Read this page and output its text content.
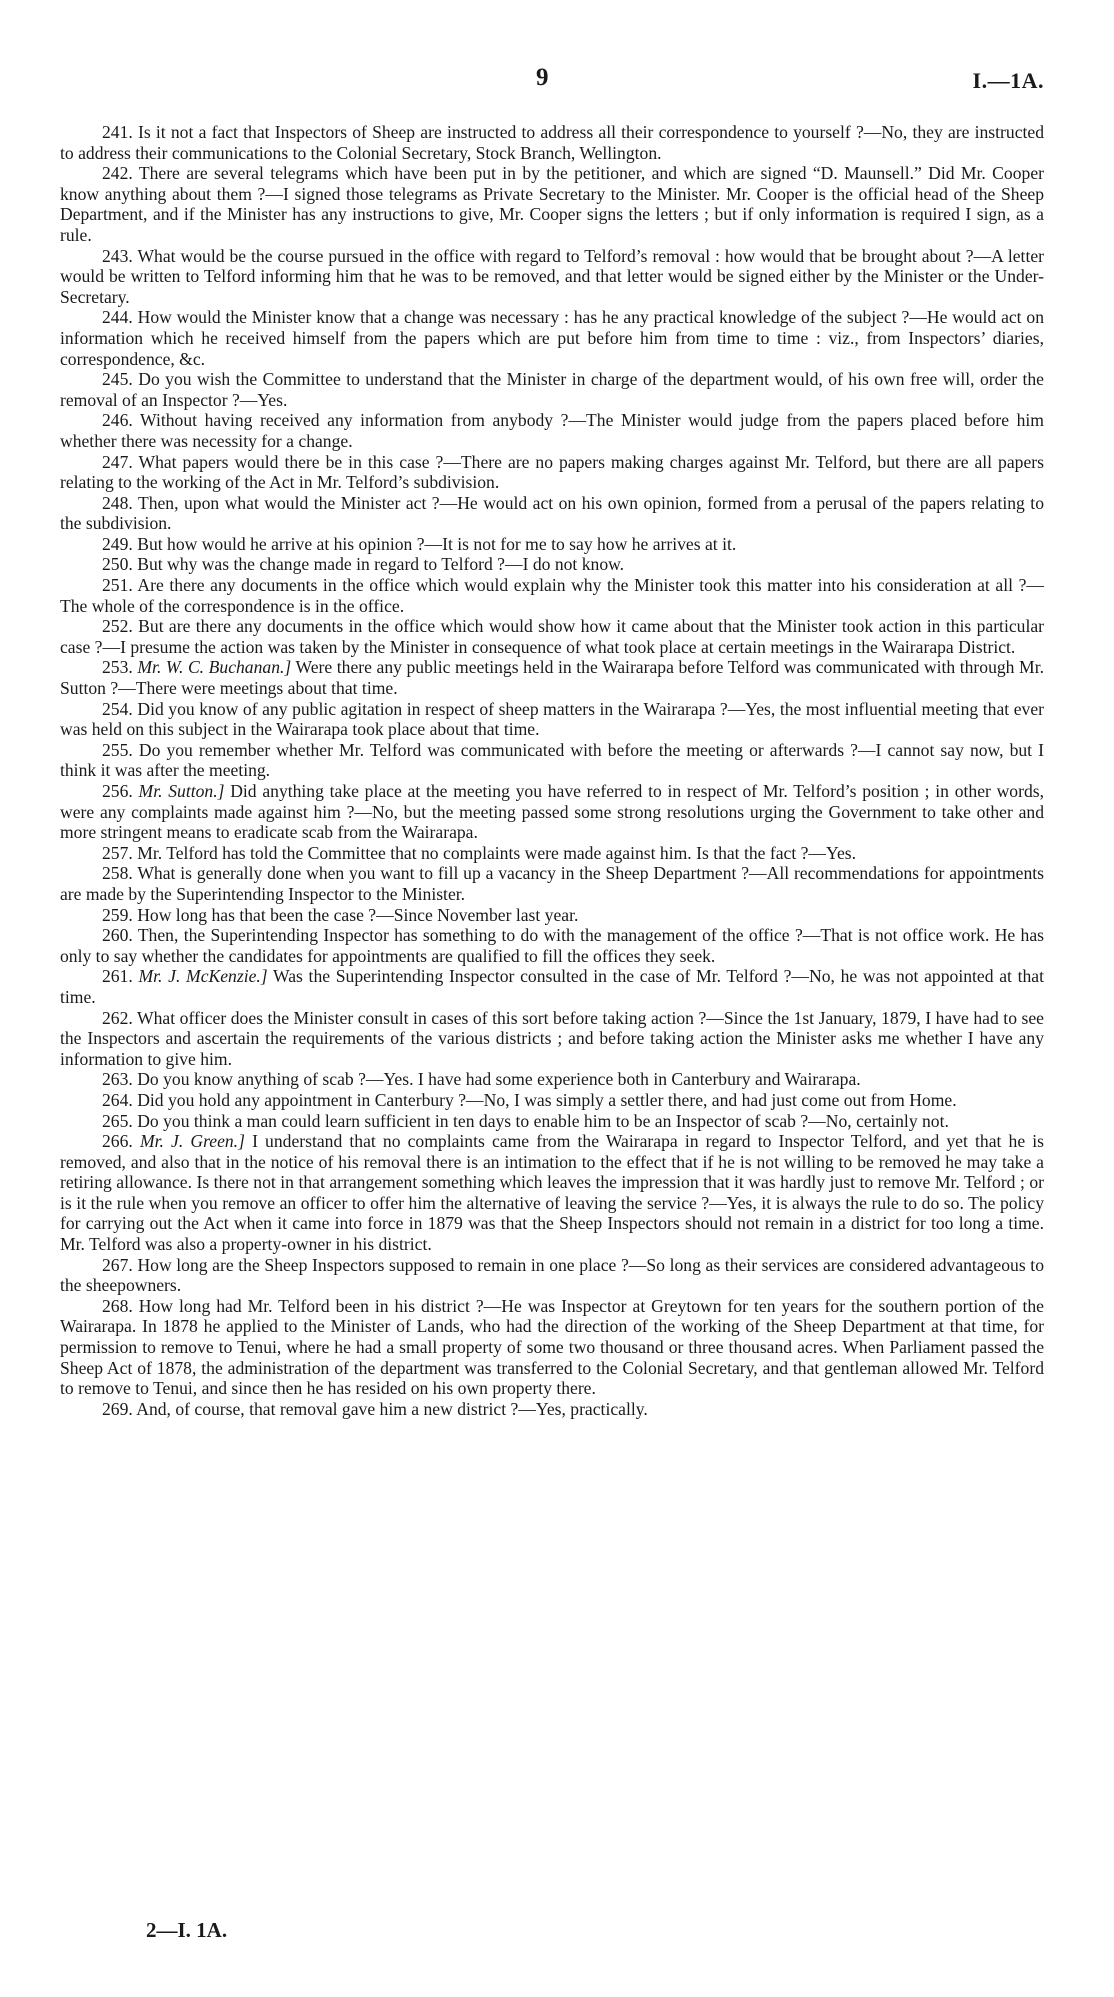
9	I.—1A.

241. Is it not a fact that Inspectors of Sheep are instructed to address all their correspondence to yourself ?—No, they are instructed to address their communications to the Colonial Secretary, Stock Branch, Wellington.

242. There are several telegrams which have been put in by the petitioner, and which are signed “D. Maunsell.” Did Mr. Cooper know anything about them ?—I signed those telegrams as Private Secretary to the Minister. Mr. Cooper is the official head of the Sheep Department, and if the Minister has any instructions to give, Mr. Cooper signs the letters ; but if only information is required I sign, as a rule.

243. What would be the course pursued in the office with regard to Telford’s removal : how would that be brought about ?—A letter would be written to Telford informing him that he was to be removed, and that letter would be signed either by the Minister or the Under-Secretary.

244. How would the Minister know that a change was necessary : has he any practical knowledge of the subject ?—He would act on information which he received himself from the papers which are put before him from time to time : viz., from Inspectors’ diaries, correspondence, &c.

245. Do you wish the Committee to understand that the Minister in charge of the department would, of his own free will, order the removal of an Inspector ?—Yes.

246. Without having received any information from anybody ?—The Minister would judge from the papers placed before him whether there was necessity for a change.

247. What papers would there be in this case ?—There are no papers making charges against Mr. Telford, but there are all papers relating to the working of the Act in Mr. Telford’s subdivision.

248. Then, upon what would the Minister act ?—He would act on his own opinion, formed from a perusal of the papers relating to the subdivision.

249. But how would he arrive at his opinion ?—It is not for me to say how he arrives at it.

250. But why was the change made in regard to Telford ?—I do not know.

251. Are there any documents in the office which would explain why the Minister took this matter into his consideration at all ?—The whole of the correspondence is in the office.

252. But are there any documents in the office which would show how it came about that the Minister took action in this particular case ?—I presume the action was taken by the Minister in consequence of what took place at certain meetings in the Wairarapa District.

253. Mr. W. C. Buchanan.] Were there any public meetings held in the Wairarapa before Telford was communicated with through Mr. Sutton ?—There were meetings about that time.

254. Did you know of any public agitation in respect of sheep matters in the Wairarapa ?—Yes, the most influential meeting that ever was held on this subject in the Wairarapa took place about that time.

255. Do you remember whether Mr. Telford was communicated with before the meeting or afterwards ?—I cannot say now, but I think it was after the meeting.

256. Mr. Sutton.] Did anything take place at the meeting you have referred to in respect of Mr. Telford’s position ; in other words, were any complaints made against him ?—No, but the meeting passed some strong resolutions urging the Government to take other and more stringent means to eradicate scab from the Wairarapa.

257. Mr. Telford has told the Committee that no complaints were made against him. Is that the fact ?—Yes.

258. What is generally done when you want to fill up a vacancy in the Sheep Department ?—All recommendations for appointments are made by the Superintending Inspector to the Minister.

259. How long has that been the case ?—Since November last year.

260. Then, the Superintending Inspector has something to do with the management of the office ?—That is not office work. He has only to say whether the candidates for appointments are qualified to fill the offices they seek.

261. Mr. J. McKenzie.] Was the Superintending Inspector consulted in the case of Mr. Telford ?—No, he was not appointed at that time.

262. What officer does the Minister consult in cases of this sort before taking action ?—Since the 1st January, 1879, I have had to see the Inspectors and ascertain the requirements of the various districts ; and before taking action the Minister asks me whether I have any information to give him.

263. Do you know anything of scab ?—Yes. I have had some experience both in Canterbury and Wairarapa.

264. Did you hold any appointment in Canterbury ?—No, I was simply a settler there, and had just come out from Home.

265. Do you think a man could learn sufficient in ten days to enable him to be an Inspector of scab ?—No, certainly not.

266. Mr. J. Green.] I understand that no complaints came from the Wairarapa in regard to Inspector Telford, and yet that he is removed, and also that in the notice of his removal there is an intimation to the effect that if he is not willing to be removed he may take a retiring allowance. Is there not in that arrangement something which leaves the impression that it was hardly just to remove Mr. Telford ; or is it the rule when you remove an officer to offer him the alternative of leaving the service ?—Yes, it is always the rule to do so. The policy for carrying out the Act when it came into force in 1879 was that the Sheep Inspectors should not remain in a district for too long a time. Mr. Telford was also a property-owner in his district.

267. How long are the Sheep Inspectors supposed to remain in one place ?—So long as their services are considered advantageous to the sheepowners.

268. How long had Mr. Telford been in his district ?—He was Inspector at Greytown for ten years for the southern portion of the Wairarapa. In 1878 he applied to the Minister of Lands, who had the direction of the working of the Sheep Department at that time, for permission to remove to Tenui, where he had a small property of some two thousand or three thousand acres. When Parliament passed the Sheep Act of 1878, the administration of the department was transferred to the Colonial Secretary, and that gentleman allowed Mr. Telford to remove to Tenui, and since then he has resided on his own property there.

269. And, of course, that removal gave him a new district ?—Yes, practically.

2—I. 1A.
